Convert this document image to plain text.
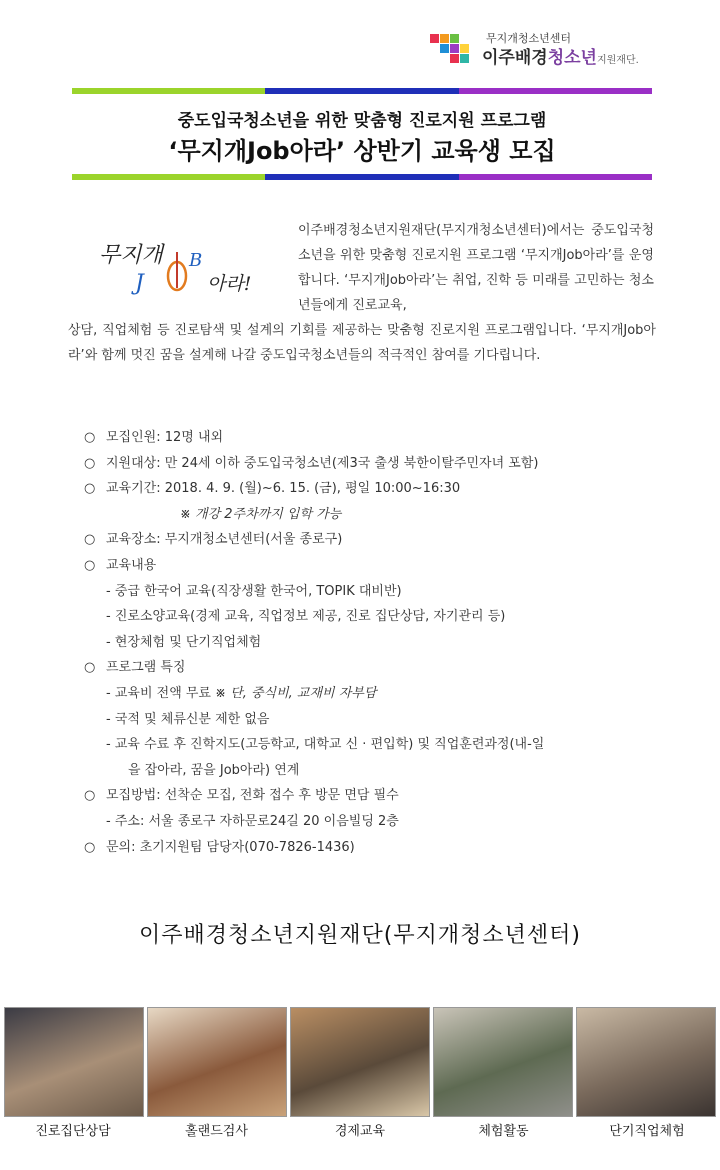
무지개청소년센터
이주배경청소년지원재단.
중도입국청소년을 위한 맞춤형 진로지원 프로그램
‘무지개Job아라’ 상반기 교육생 모집
무지개
J
B
아라!
이주배경청소년지원재단(무지개청소년센터)에서는 중도입국청소년을 위한 맞춤형 진로지원 프로그램 ‘무지개Job아라’를 운영합니다. ‘무지개Job아라’는 취업, 진학 등 미래를 고민하는 청소년들에게 진로교육,
상담, 직업체험 등 진로탐색 및 설계의 기회를 제공하는 맞춤형 진로지원 프로그램입니다. ‘무지개Job아라’와 함께 멋진 꿈을 설계해 나갈 중도입국청소년들의 적극적인 참여를 기다립니다.
○ 모집인원: 12명 내외
○ 지원대상: 만 24세 이하 중도입국청소년(제3국 출생 북한이탈주민자녀 포함)
○ 교육기간: 2018. 4. 9. (월)~6. 15. (금), 평일 10:00~16:30
※ 개강 2주차까지 입학 가능
○ 교육장소: 무지개청소년센터(서울 종로구)
○ 교육내용
- 중급 한국어 교육(직장생활 한국어, TOPIK 대비반)
- 진로소양교육(경제 교육, 직업정보 제공, 진로 집단상담, 자기관리 등)
- 현장체험 및 단기직업체험
○ 프로그램 특징
- 교육비 전액 무료 ※ 단, 중식비, 교재비 자부담
- 국적 및 체류신분 제한 없음
- 교육 수료 후 진학지도(고등학교, 대학교 신 · 편입학) 및 직업훈련과정(내-일
을 잡아라, 꿈을 Job아라) 연계
○ 모집방법: 선착순 모집, 전화 접수 후 방문 면담 필수
- 주소: 서울 종로구 자하문로24길 20 이음빌딩 2층
○ 문의: 초기지원팀 담당자(070-7826-1436)
이주배경청소년지원재단(무지개청소년센터)
진로집단상담	홀랜드검사	경제교육	체험활동	단기직업체험
